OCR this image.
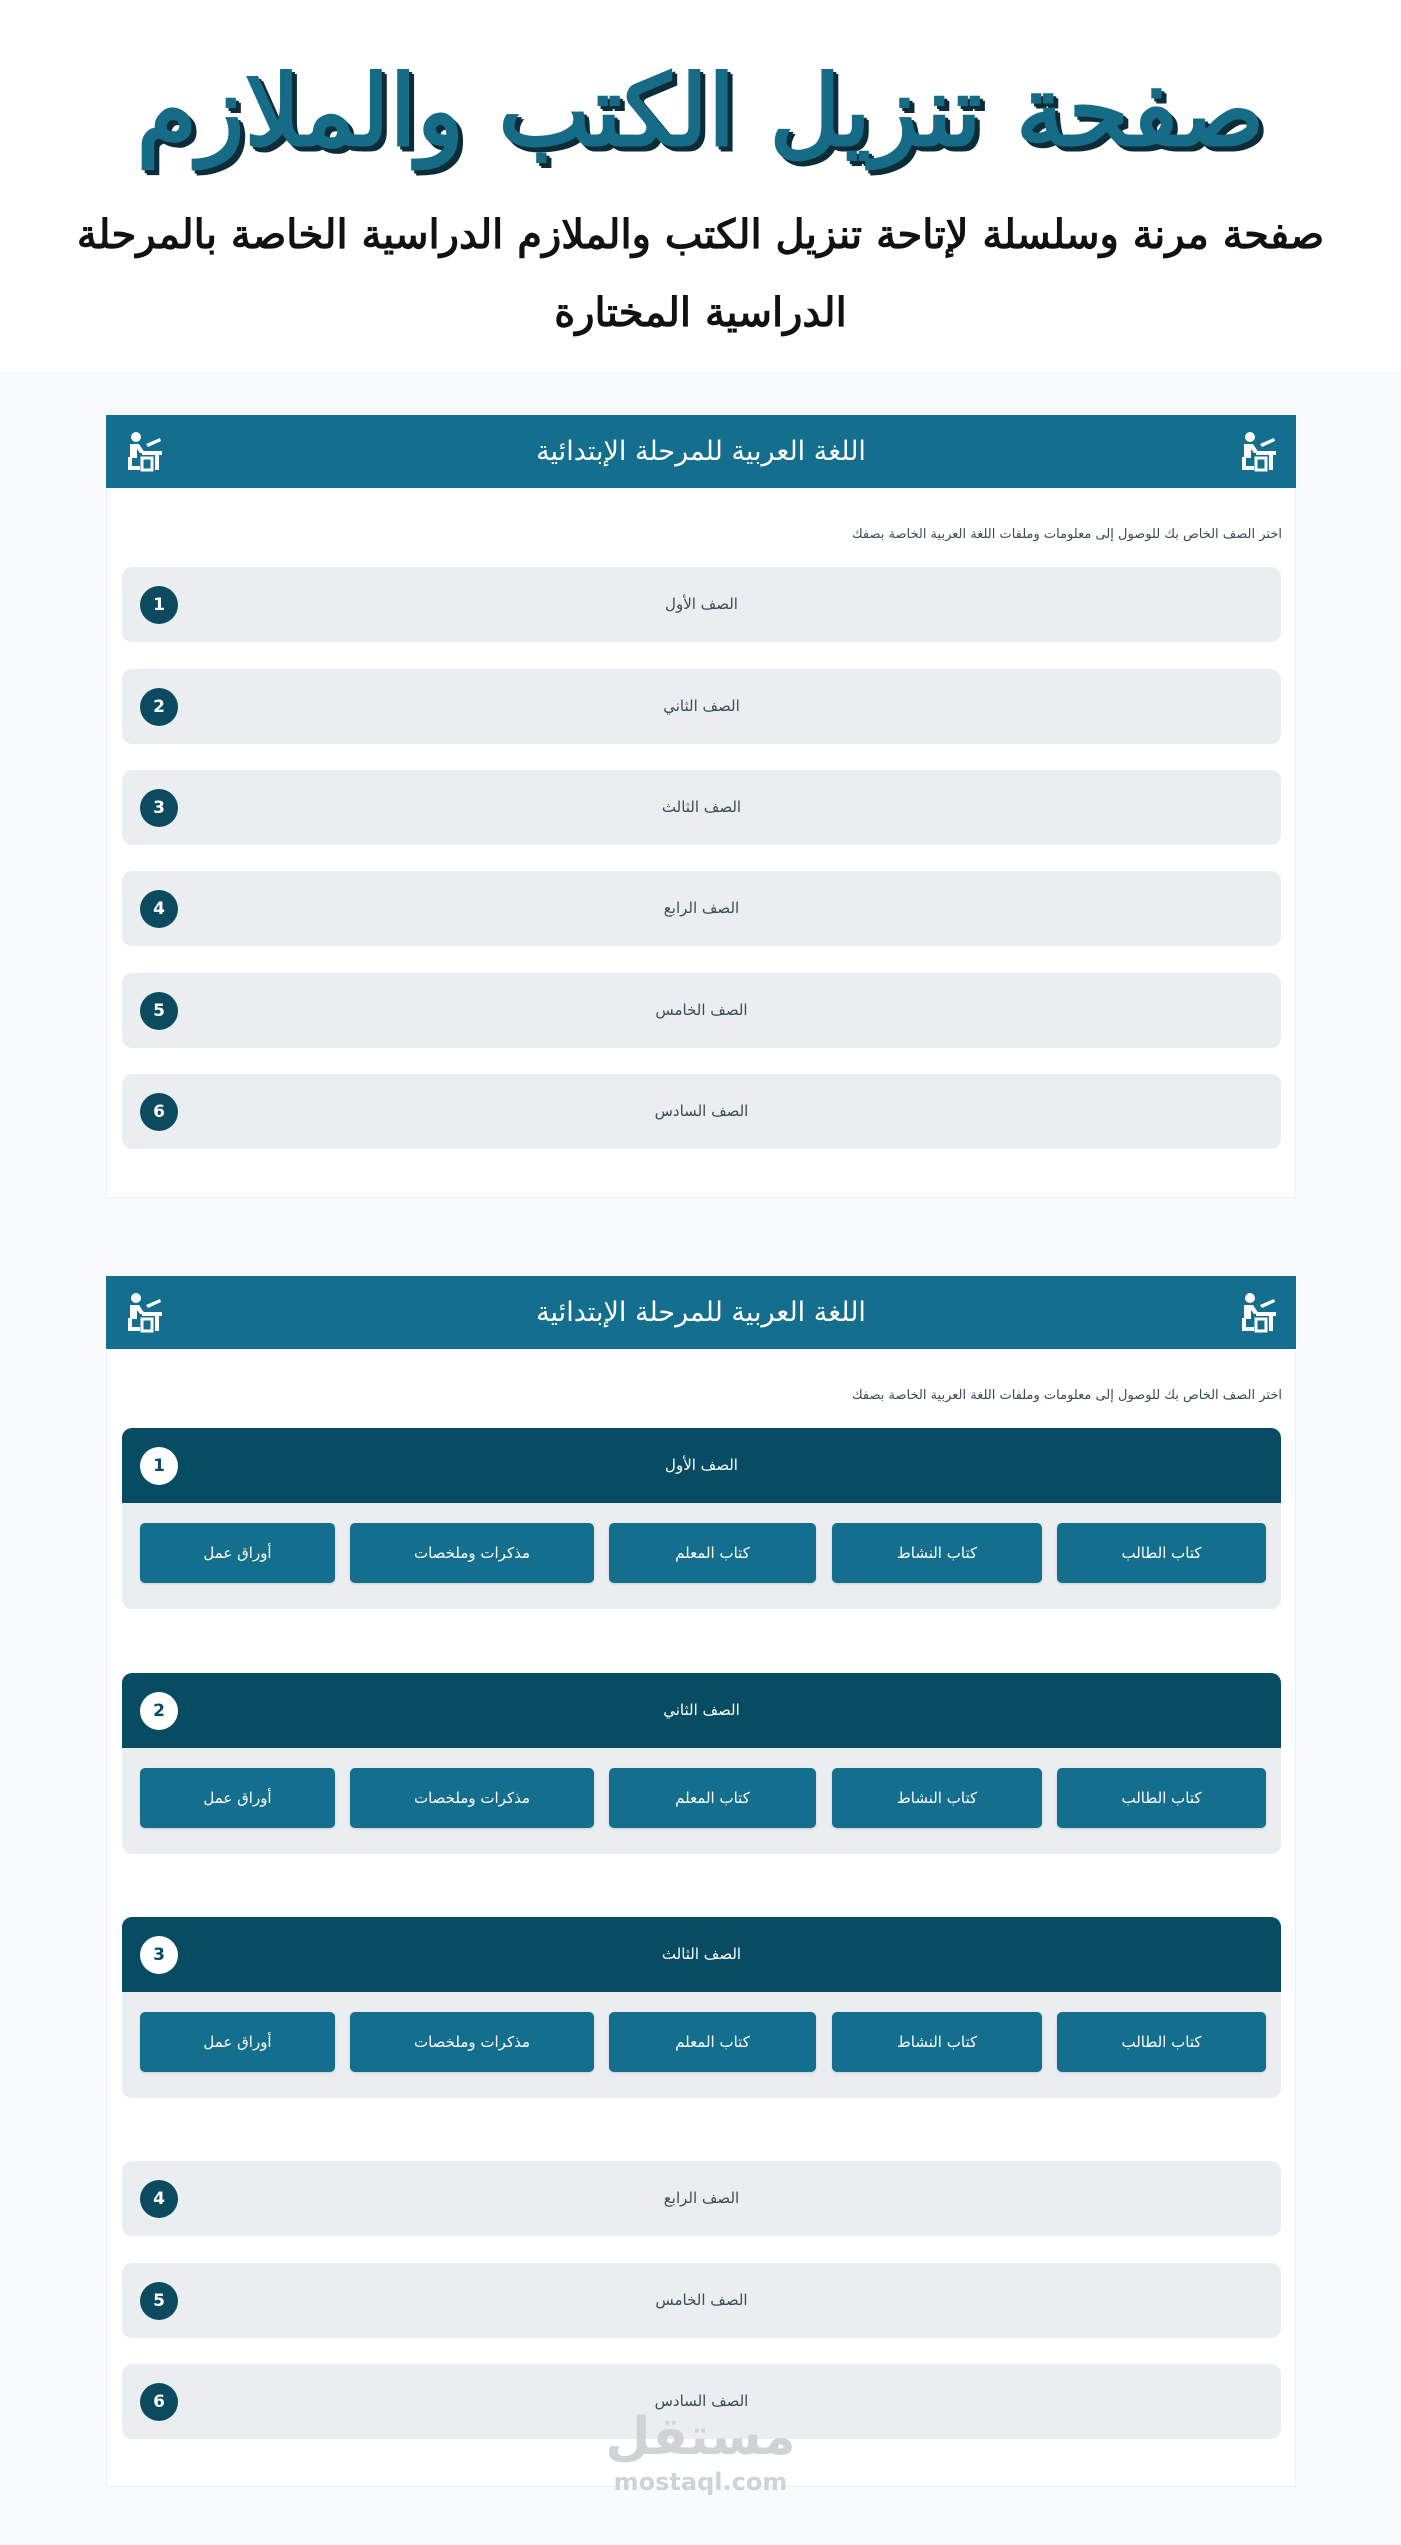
صفحة تنزيل الكتب والملازم

صفحة مرنة وسلسلة لإتاحة تنزيل الكتب والملازم الدراسية الخاصة بالمرحلة الدراسية المختارة

اللغة العربية للمرحلة الإبتدائية

اختر الصف الخاص بك للوصول إلى معلومات وملفات اللغة العربية الخاصة بصفك

1	الصف الأول
2	الصف الثاني
3	الصف الثالث
4	الصف الرابع
5	الصف الخامس
6	الصف السادس
اللغة العربية للمرحلة الإبتدائية

اختر الصف الخاص بك للوصول إلى معلومات وملفات اللغة العربية الخاصة بصفك

1	الصف الأول
كتاب الطالب
كتاب النشاط
كتاب المعلم
مذكرات وملخصات
أوراق عمل
2	الصف الثاني
كتاب الطالب
كتاب النشاط
كتاب المعلم
مذكرات وملخصات
أوراق عمل
3	الصف الثالث
كتاب الطالب
كتاب النشاط
كتاب المعلم
مذكرات وملخصات
أوراق عمل
4	الصف الرابع
5	الصف الخامس
6	الصف السادس
مستقل
mostaql.com
